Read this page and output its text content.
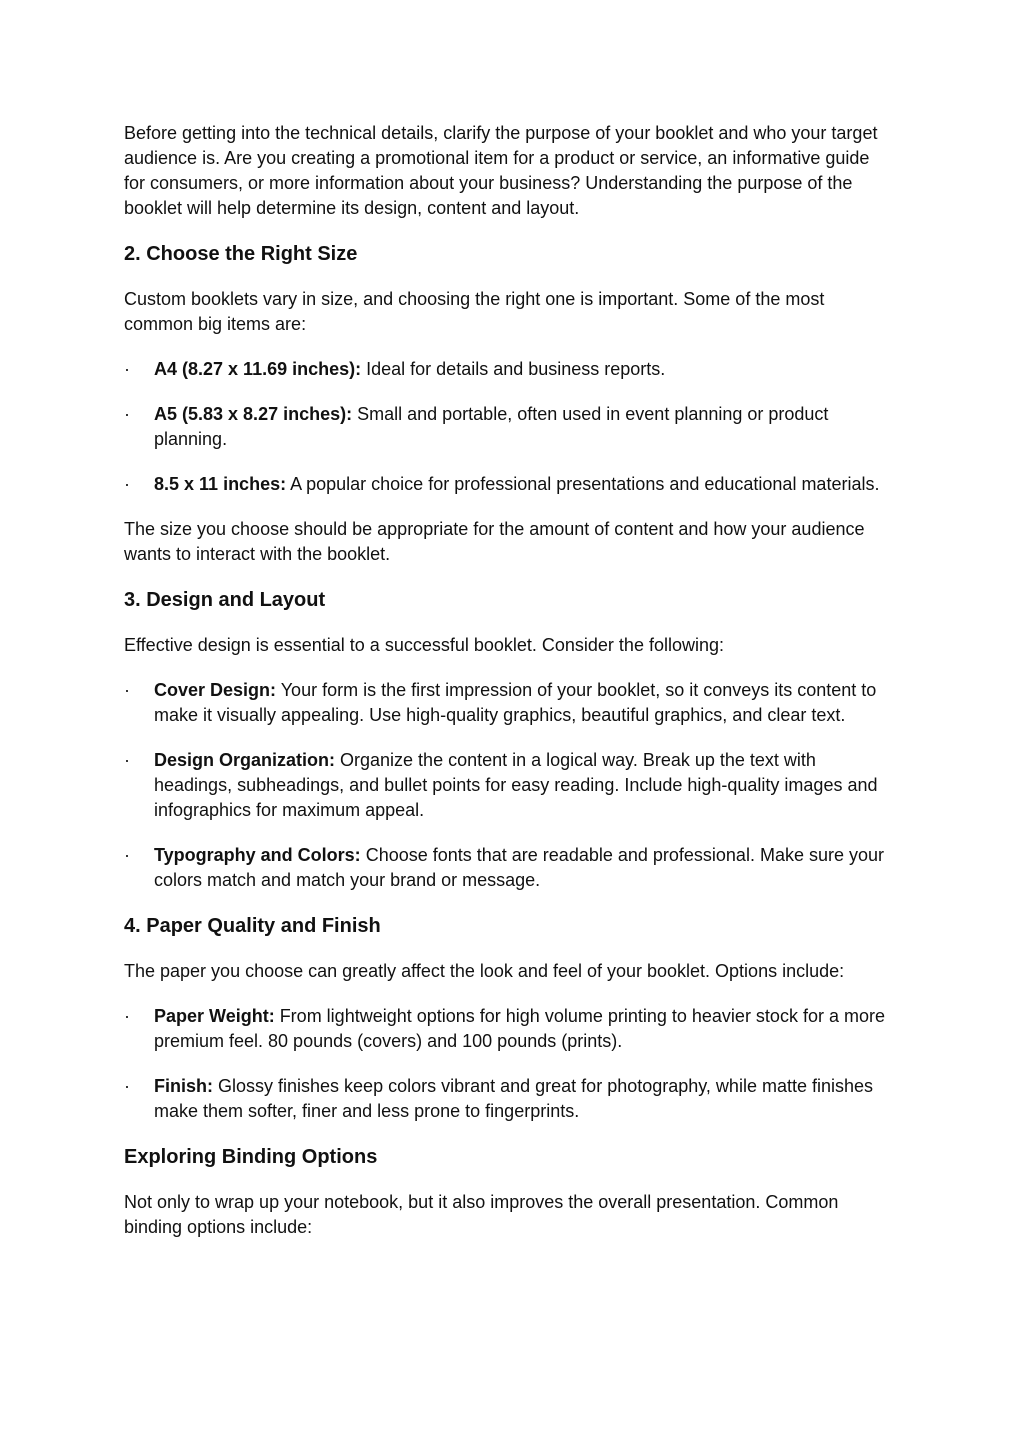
Before getting into the technical details, clarify the purpose of your booklet and who your target audience is. Are you creating a promotional item for a product or service, an informative guide for consumers, or more information about your business? Understanding the purpose of the booklet will help determine its design, content and layout.

2. Choose the Right Size

Custom booklets vary in size, and choosing the right one is important. Some of the most common big items are:

·	A4 (8.27 x 11.69 inches): Ideal for details and business reports.
·	A5 (5.83 x 8.27 inches): Small and portable, often used in event planning or product planning.
·	8.5 x 11 inches: A popular choice for professional presentations and educational materials.

The size you choose should be appropriate for the amount of content and how your audience wants to interact with the booklet.

3. Design and Layout

Effective design is essential to a successful booklet. Consider the following:

·	Cover Design: Your form is the first impression of your booklet, so it conveys its content to make it visually appealing. Use high-quality graphics, beautiful graphics, and clear text.
·	Design Organization: Organize the content in a logical way. Break up the text with headings, subheadings, and bullet points for easy reading. Include high-quality images and infographics for maximum appeal.
·	Typography and Colors: Choose fonts that are readable and professional. Make sure your colors match and match your brand or message.
4. Paper Quality and Finish

The paper you choose can greatly affect the look and feel of your booklet. Options include:

·	Paper Weight: From lightweight options for high volume printing to heavier stock for a more premium feel. 80 pounds (covers) and 100 pounds (prints).
·	Finish: Glossy finishes keep colors vibrant and great for photography, while matte finishes make them softer, finer and less prone to fingerprints.
Exploring Binding Options

Not only to wrap up your notebook, but it also improves the overall presentation. Common binding options include:
